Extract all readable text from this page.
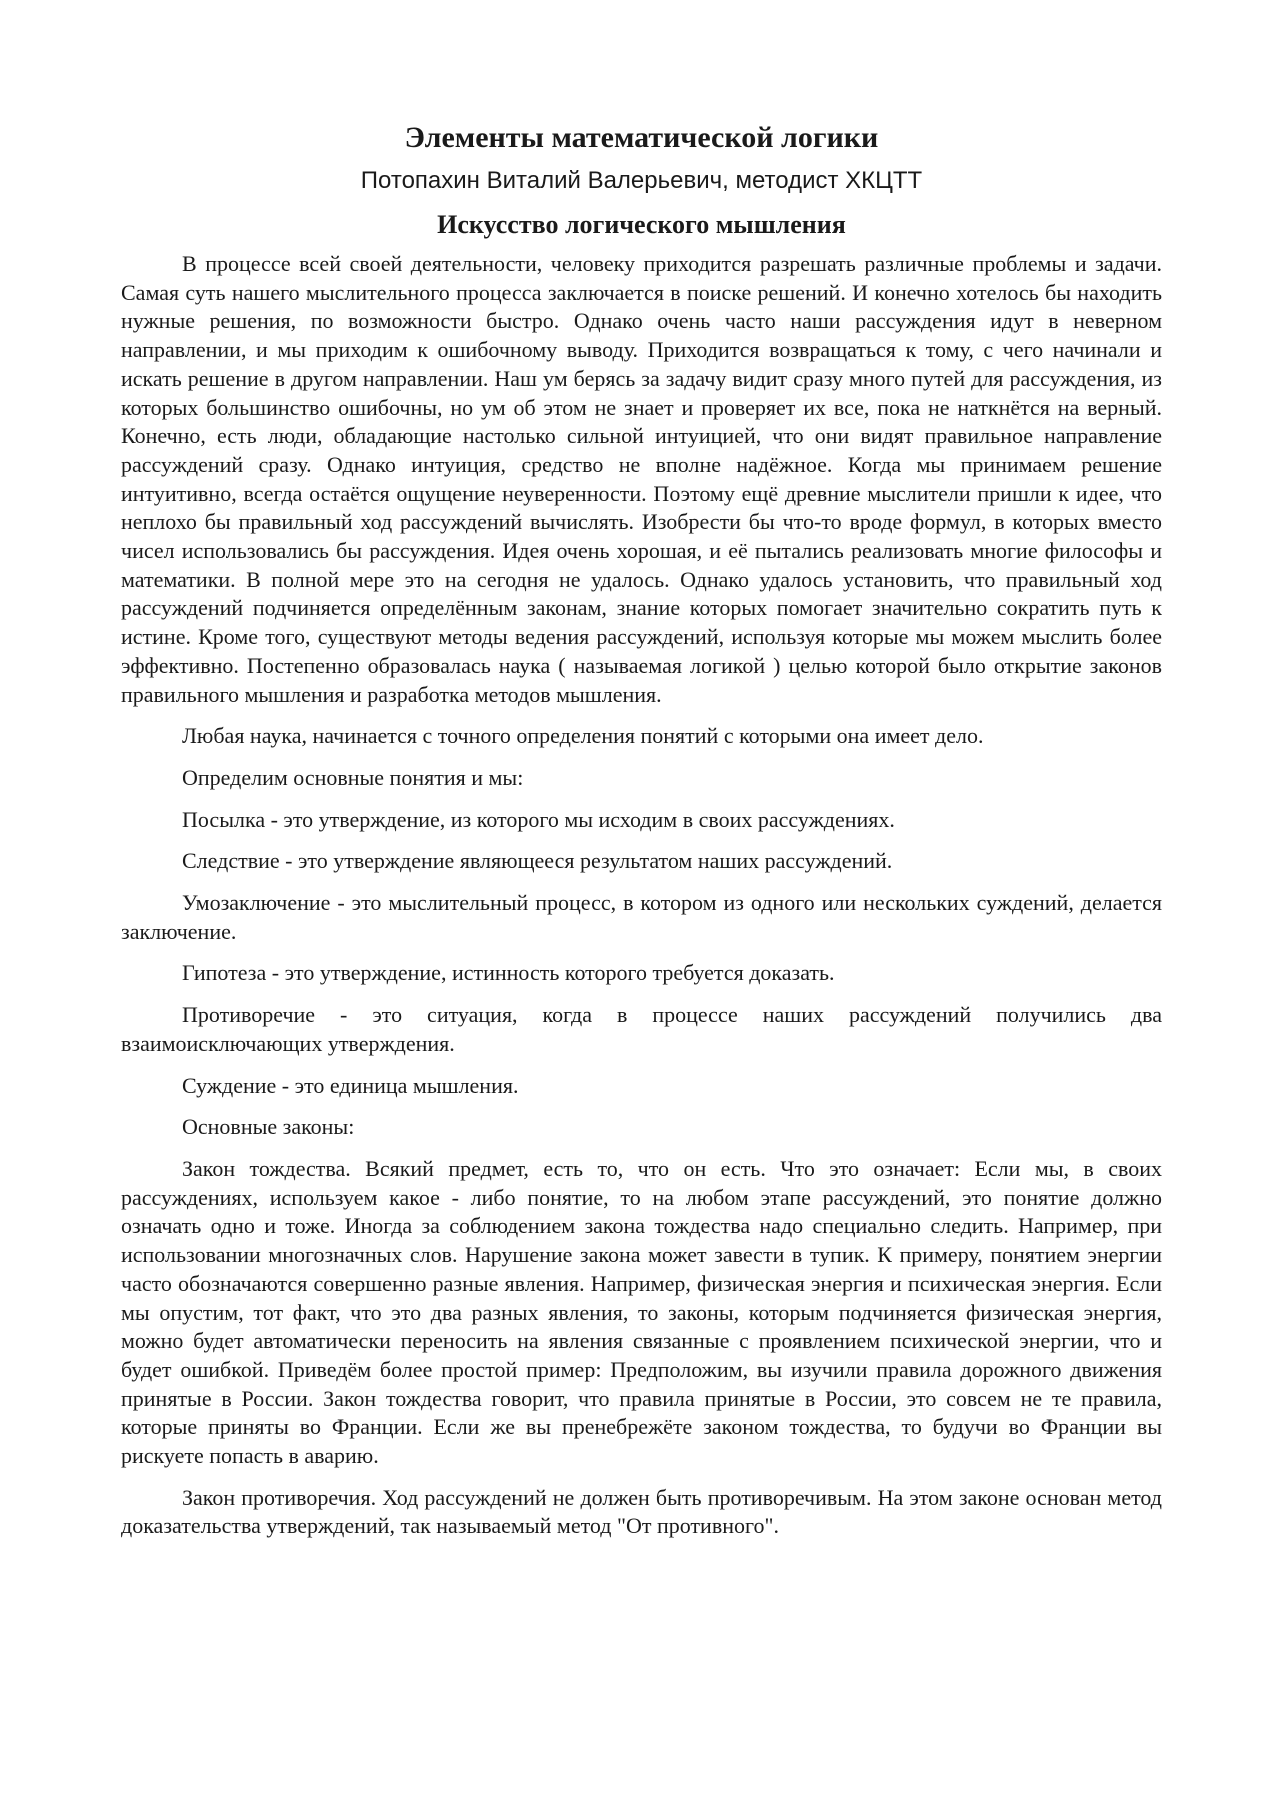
Элементы математической логики
Потопахин Виталий Валерьевич, методист ХКЦТТ
Искусство логического мышления

В процессе всей своей деятельности, человеку приходится разрешать различные проблемы и задачи. Самая суть нашего мыслительного процесса заключается в поиске решений. И конечно хотелось бы находить нужные решения, по возможности быстро. Однако очень часто наши рассуждения идут в неверном направлении, и мы приходим к ошибочному выводу. Приходится возвращаться к тому, с чего начинали и искать решение в другом направлении. Наш ум берясь за задачу видит сразу много путей для рассуждения, из которых большинство ошибочны, но ум об этом не знает и проверяет их все, пока не наткнётся на верный. Конечно, есть люди, обладающие настолько сильной интуицией, что они видят правильное направление рассуждений сразу. Однако интуиция, средство не вполне надёжное. Когда мы принимаем решение интуитивно, всегда остаётся ощущение неуверенности. Поэтому ещё древние мыслители пришли к идее, что неплохо бы правильный ход рассуждений вычислять. Изобрести бы что-то вроде формул, в которых вместо чисел использовались бы рассуждения. Идея очень хорошая, и её пытались реализовать многие философы и математики. В полной мере это на сегодня не удалось. Однако удалось установить, что правильный ход рассуждений подчиняется определённым законам, знание которых помогает значительно сократить путь к истине. Кроме того, существуют методы ведения рассуждений, используя которые мы можем мыслить более эффективно. Постепенно образовалась наука ( называемая логикой ) целью которой было открытие законов правильного мышления и разработка методов мышления.

Любая наука, начинается с точного определения понятий с которыми она имеет дело.

Определим основные понятия и мы:

Посылка - это утверждение, из которого мы исходим в своих рассуждениях.

Следствие - это утверждение являющееся результатом наших рассуждений.

Умозаключение - это мыслительный процесс, в котором из одного или нескольких суждений, делается заключение.

Гипотеза - это утверждение, истинность которого требуется доказать.

Противоречие - это ситуация, когда в процессе наших рассуждений получились два взаимоисключающих утверждения.

Суждение - это единица мышления.

Основные законы:

Закон тождества. Всякий предмет, есть то, что он есть. Что это означает: Если мы, в своих рассуждениях, используем какое - либо понятие, то на любом этапе рассуждений, это понятие должно означать одно и тоже. Иногда за соблюдением закона тождества надо специально следить. Например, при использовании многозначных слов. Нарушение закона может завести в тупик. К примеру, понятием энергии часто обозначаются совершенно разные явления. Например, физическая энергия и психическая энергия. Если мы опустим, тот факт, что это два разных явления, то законы, которым подчиняется физическая энергия, можно будет автоматически переносить на явления связанные с проявлением психической энергии, что и будет ошибкой. Приведём более простой пример: Предположим, вы изучили правила дорожного движения принятые в России. Закон тождества говорит, что правила принятые в России, это совсем не те правила, которые приняты во Франции. Если же вы пренебрежёте законом тождества, то будучи во Франции вы рискуете попасть в аварию.

Закон противоречия. Ход рассуждений не должен быть противоречивым. На этом законе основан метод доказательства утверждений, так называемый метод "От противного".
